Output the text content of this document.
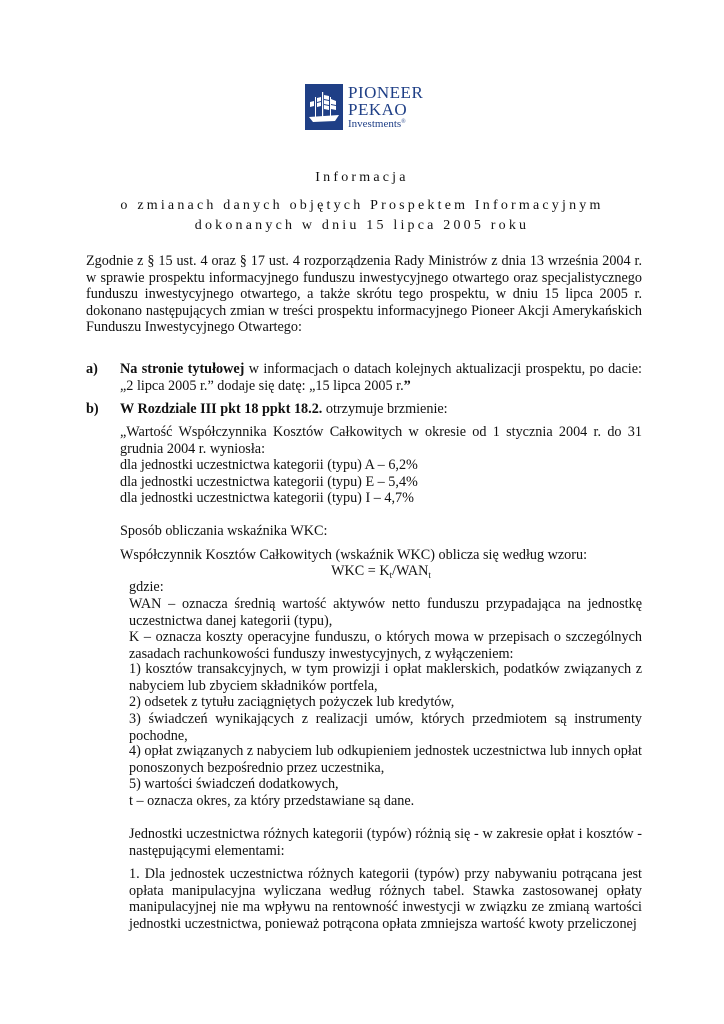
PIONEER
PEKAO
Investments®
Informacja
o zmianach danych objętych Prospektem Informacyjnym
dokonanych w dniu 15 lipca 2005 roku

Zgodnie z § 15 ust. 4 oraz § 17 ust. 4 rozporządzenia Rady Ministrów z dnia 13 września 2004 r. w sprawie prospektu informacyjnego funduszu inwestycyjnego otwartego oraz specjalistycznego funduszu inwestycyjnego otwartego, a także skrótu tego prospektu, w dniu 15 lipca 2005 r. dokonano następujących zmian w treści prospektu informacyjnego Pioneer Akcji Amerykańskich Funduszu Inwestycyjnego Otwartego:

a) Na stronie tytułowej w informacjach o datach kolejnych aktualizacji prospektu, po dacie: „2 lipca 2005 r.” dodaje się datę: „15 lipca 2005 r.”

b) W Rozdziale III pkt 18 ppkt 18.2. otrzymuje brzmienie:

„Wartość Współczynnika Kosztów Całkowitych w okresie od 1 stycznia 2004 r. do 31 grudnia 2004 r. wyniosła:

dla jednostki uczestnictwa kategorii (typu) A – 6,2%
dla jednostki uczestnictwa kategorii (typu) E – 5,4%
dla jednostki uczestnictwa kategorii (typu) I – 4,7%

Sposób obliczania wskaźnika WKC:

Współczynnik Kosztów Całkowitych (wskaźnik WKC) oblicza się według wzoru:

WKC = $K_t/WAN_t$

gdzie:

WAN – oznacza średnią wartość aktywów netto funduszu przypadająca na jednostkę uczestnictwa danej kategorii (typu),

K – oznacza koszty operacyjne funduszu, o których mowa w przepisach o szczególnych zasadach rachunkowości funduszy inwestycyjnych, z wyłączeniem:

1) kosztów transakcyjnych, w tym prowizji i opłat maklerskich, podatków związanych z nabyciem lub zbyciem składników portfela,

2) odsetek z tytułu zaciągniętych pożyczek lub kredytów,

3) świadczeń wynikających z realizacji umów, których przedmiotem są instrumenty pochodne,

4) opłat związanych z nabyciem lub odkupieniem jednostek uczestnictwa lub innych opłat ponoszonych bezpośrednio przez uczestnika,

5) wartości świadczeń dodatkowych,

t – oznacza okres, za który przedstawiane są dane.

Jednostki uczestnictwa różnych kategorii (typów) różnią się - w zakresie opłat i kosztów - następującymi elementami:

1. Dla jednostek uczestnictwa różnych kategorii (typów) przy nabywaniu potrącana jest opłata manipulacyjna wyliczana według różnych tabel. Stawka zastosowanej opłaty manipulacyjnej nie ma wpływu na rentowność inwestycji w związku ze zmianą wartości jednostki uczestnictwa, ponieważ potrącona opłata zmniejsza wartość kwoty przeliczonej
